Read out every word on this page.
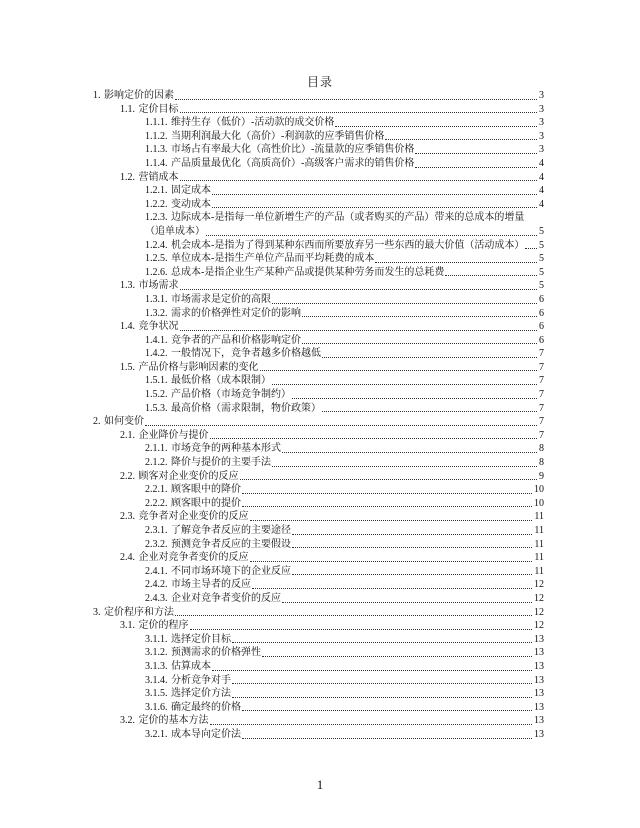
目录
1. 影响定价的因素	3
1.1. 定价目标	3
1.1.1. 维持生存（低价）-活动款的成交价格	3
1.1.2. 当期利润最大化（高价）-利润款的应季销售价格	3
1.1.3. 市场占有率最大化（高性价比）-流量款的应季销售价格	3
1.1.4. 产品质量最优化（高质高价）-高级客户需求的销售价格	4
1.2. 营销成本	4
1.2.1. 固定成本	4
1.2.2. 变动成本	4
1.2.3. 边际成本-是指每一单位新增生产的产品（或者购买的产品）带来的总成本的增量
（追单成本）	5
1.2.4. 机会成本-是指为了得到某种东西而所要放弃另一些东西的最大价值（活动成本） 5
1.2.5. 单位成本-是指生产单位产品而平均耗费的成本	5
1.2.6. 总成本-是指企业生产某种产品或提供某种劳务而发生的总耗费	5
1.3. 市场需求	5
1.3.1. 市场需求是定价的高限	6
1.3.2. 需求的价格弹性对定价的影响	6
1.4. 竞争状况	6
1.4.1. 竞争者的产品和价格影响定价	6
1.4.2. 一般情况下，竞争者越多价格越低	7
1.5. 产品价格与影响因素的变化	7
1.5.1. 最低价格（成本限制）	7
1.5.2. 产品价格（市场竞争制约）	7
1.5.3. 最高价格（需求限制，物价政策）	7
2. 如何变价	7
2.1. 企业降价与提价	7
2.1.1. 市场竞争的两种基本形式	8
2.1.2. 降价与提价的主要手法	8
2.2. 顾客对企业变价的反应	9
2.2.1. 顾客眼中的降价	10
2.2.2. 顾客眼中的提价	10
2.3. 竞争者对企业变价的反应	11
2.3.1. 了解竞争者反应的主要途径	11
2.3.2. 预测竞争者反应的主要假设	11
2.4. 企业对竞争者变价的反应	11
2.4.1. 不同市场环境下的企业反应	11
2.4.2. 市场主导者的反应	12
2.4.3. 企业对竞争者变价的反应	12
3. 定价程序和方法	12
3.1. 定价的程序	12
3.1.1. 选择定价目标	13
3.1.2. 预测需求的价格弹性	13
3.1.3. 估算成本	13
3.1.4. 分析竞争对手	13
3.1.5. 选择定价方法	13
3.1.6. 确定最终的价格	13
3.2. 定价的基本方法	13
3.2.1. 成本导向定价法	13
1
